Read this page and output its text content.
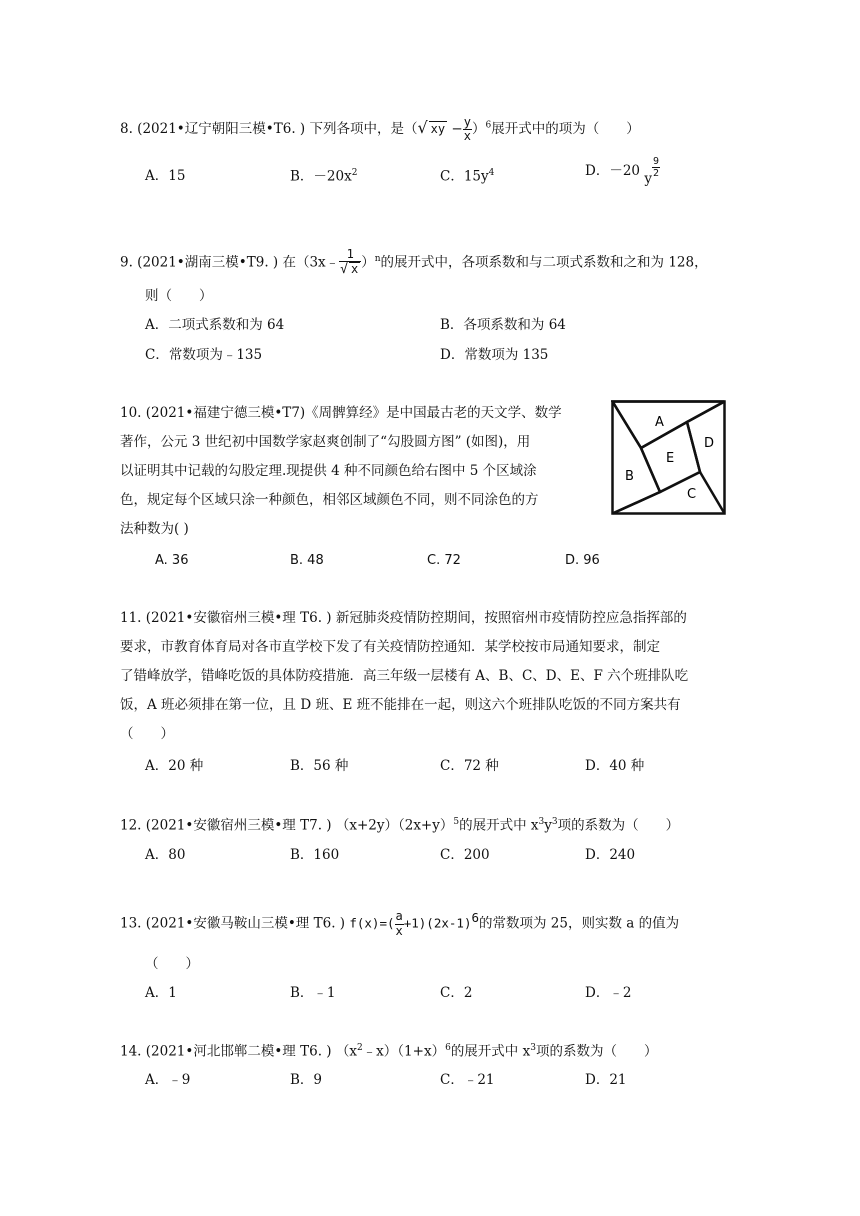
8. (2021•辽宁朝阳三模•T6. ) 下列各项中，是（√ xy − $\frac{y}{x} )^6$展开式中的项为（　　）
A．15	B．$-20x^2$	C．$15y^4$	D．－20 y $\frac{9}{2}$
9. (2021•湖南三模•T9. ) 在（3x﹣ $\frac{1}{√ x} )^n$的展开式中，各项系数和与二项式系数和之和为 128，
则（　　）
A．二项式系数和为 64	B．各项系数和为 64
C．常数项为﹣135	D．常数项为 135
10. (2021•福建宁德三模•T7)《周髀算经》是中国最古老的天文学、数学
著作，公元 3 世纪初中国数学家赵爽创制了“勾股圆方图” (如图)，用
以证明其中记载的勾股定理.现提供 4 种不同颜色给右图中 5 个区域涂
色，规定每个区域只涂一种颜色，相邻区域颜色不同，则不同涂色的方
法种数为( )
A. 36	B. 48	C. 72	D. 96
A
B
C
D
E
11. (2021•安徽宿州三模•理 T6. ) 新冠肺炎疫情防控期间，按照宿州市疫情防控应急指挥部的
要求，市教育体育局对各市直学校下发了有关疫情防控通知．某学校按市局通知要求，制定
了错峰放学，错峰吃饭的具体防疫措施．高三年级一层楼有 A、B、C、D、E、F 六个班排队吃
饭，A 班必须排在第一位，且 D 班、E 班不能排在一起，则这六个班排队吃饭的不同方案共有
（　　）
A．20 种	B．56 种	C．72 种	D．40 种
12. (2021•安徽宿州三模•理 T7. ) $(x+2y)(2x+y)^5$的展开式中 $x^3y^3$项的系数为（　　）
A．80	B．160	C．200	D．240
13. (2021•安徽马鞍山三模•理 T6. ) $f(x)=( \frac{a}{x} +1)(2x-1)^6$的常数项为 25，则实数 a 的值为
（　　）
A．1	B．﹣1	C．2	D．﹣2
14. (2021•河北邯郸二模•理 T6. ) $(x^2﹣x)(1+x)^6$的展开式中 $x^3$项的系数为（　　）
A．﹣9	B．9	C．﹣21	D．21
